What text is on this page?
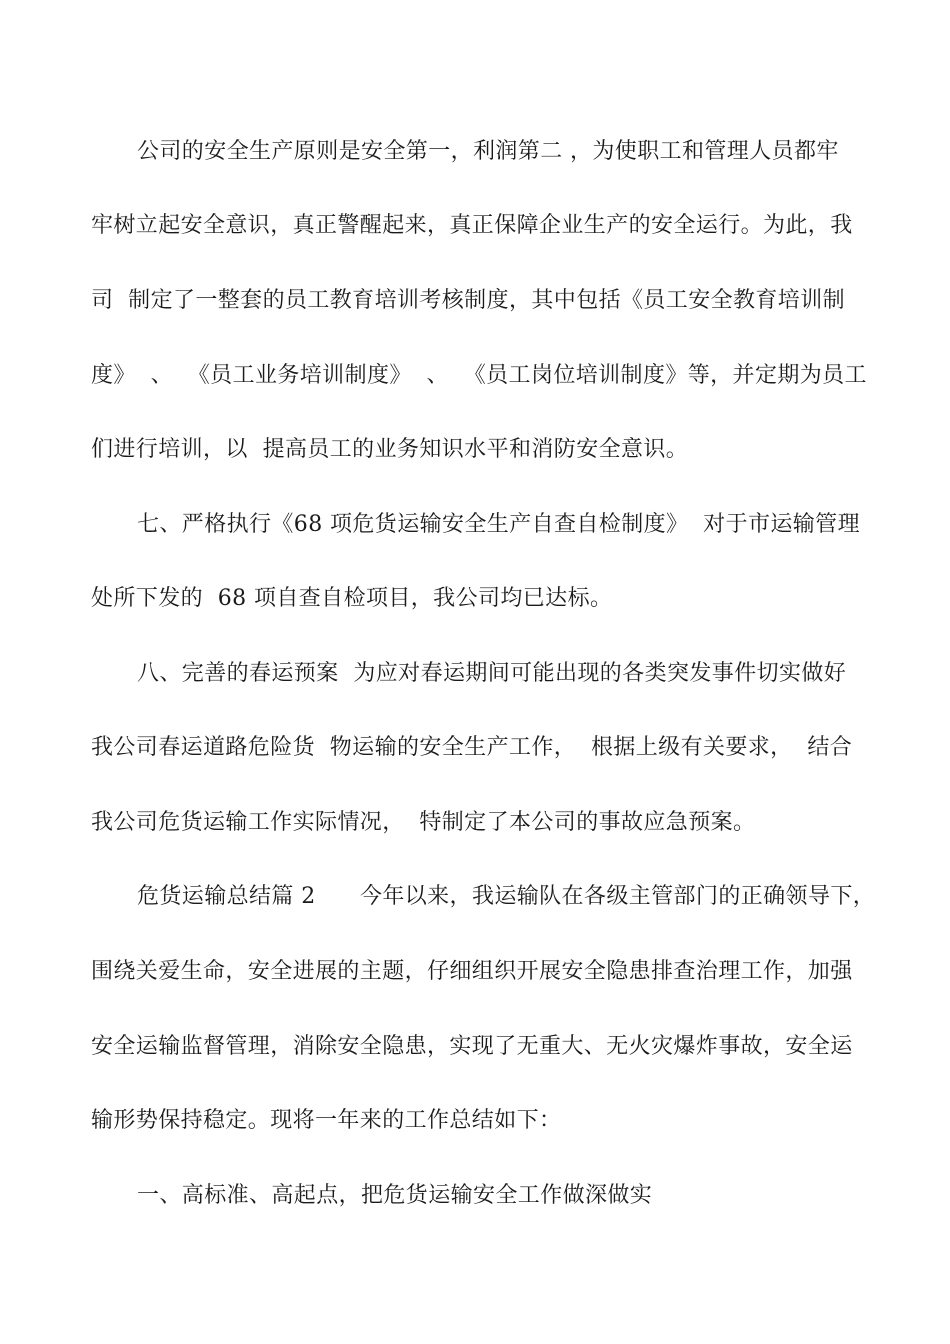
公司的安全生产原则是安全第一，利润第二 ，为使职工和管理人员都牢
牢树立起安全意识，真正警醒起来，真正保障企业生产的安全运行。为此，我
司  制定了一整套的员工教育培训考核制度，其中包括《员工安全教育培训制
度》  、  《员工业务培训制度》  、  《员工岗位培训制度》等，并定期为员工
们进行培训，以  提高员工的业务知识水平和消防安全意识。
七、严格执行《68 项危货运输安全生产自查自检制度》  对于市运输管理
处所下发的  68 项自查自检项目，我公司均已达标。
八、完善的春运预案  为应对春运期间可能出现的各类突发事件切实做好
我公司春运道路危险货  物运输的安全生产工作，  根据上级有关要求，  结合
我公司危货运输工作实际情况，  特制定了本公司的事故应急预案。
危货运输总结篇 2      今年以来，我运输队在各级主管部门的正确领导下，
围绕关爱生命，安全进展的主题，仔细组织开展安全隐患排查治理工作，加强
安全运输监督管理，消除安全隐患，实现了无重大、无火灾爆炸事故，安全运
输形势保持稳定。现将一年来的工作总结如下：
一、高标准、高起点，把危货运输安全工作做深做实
